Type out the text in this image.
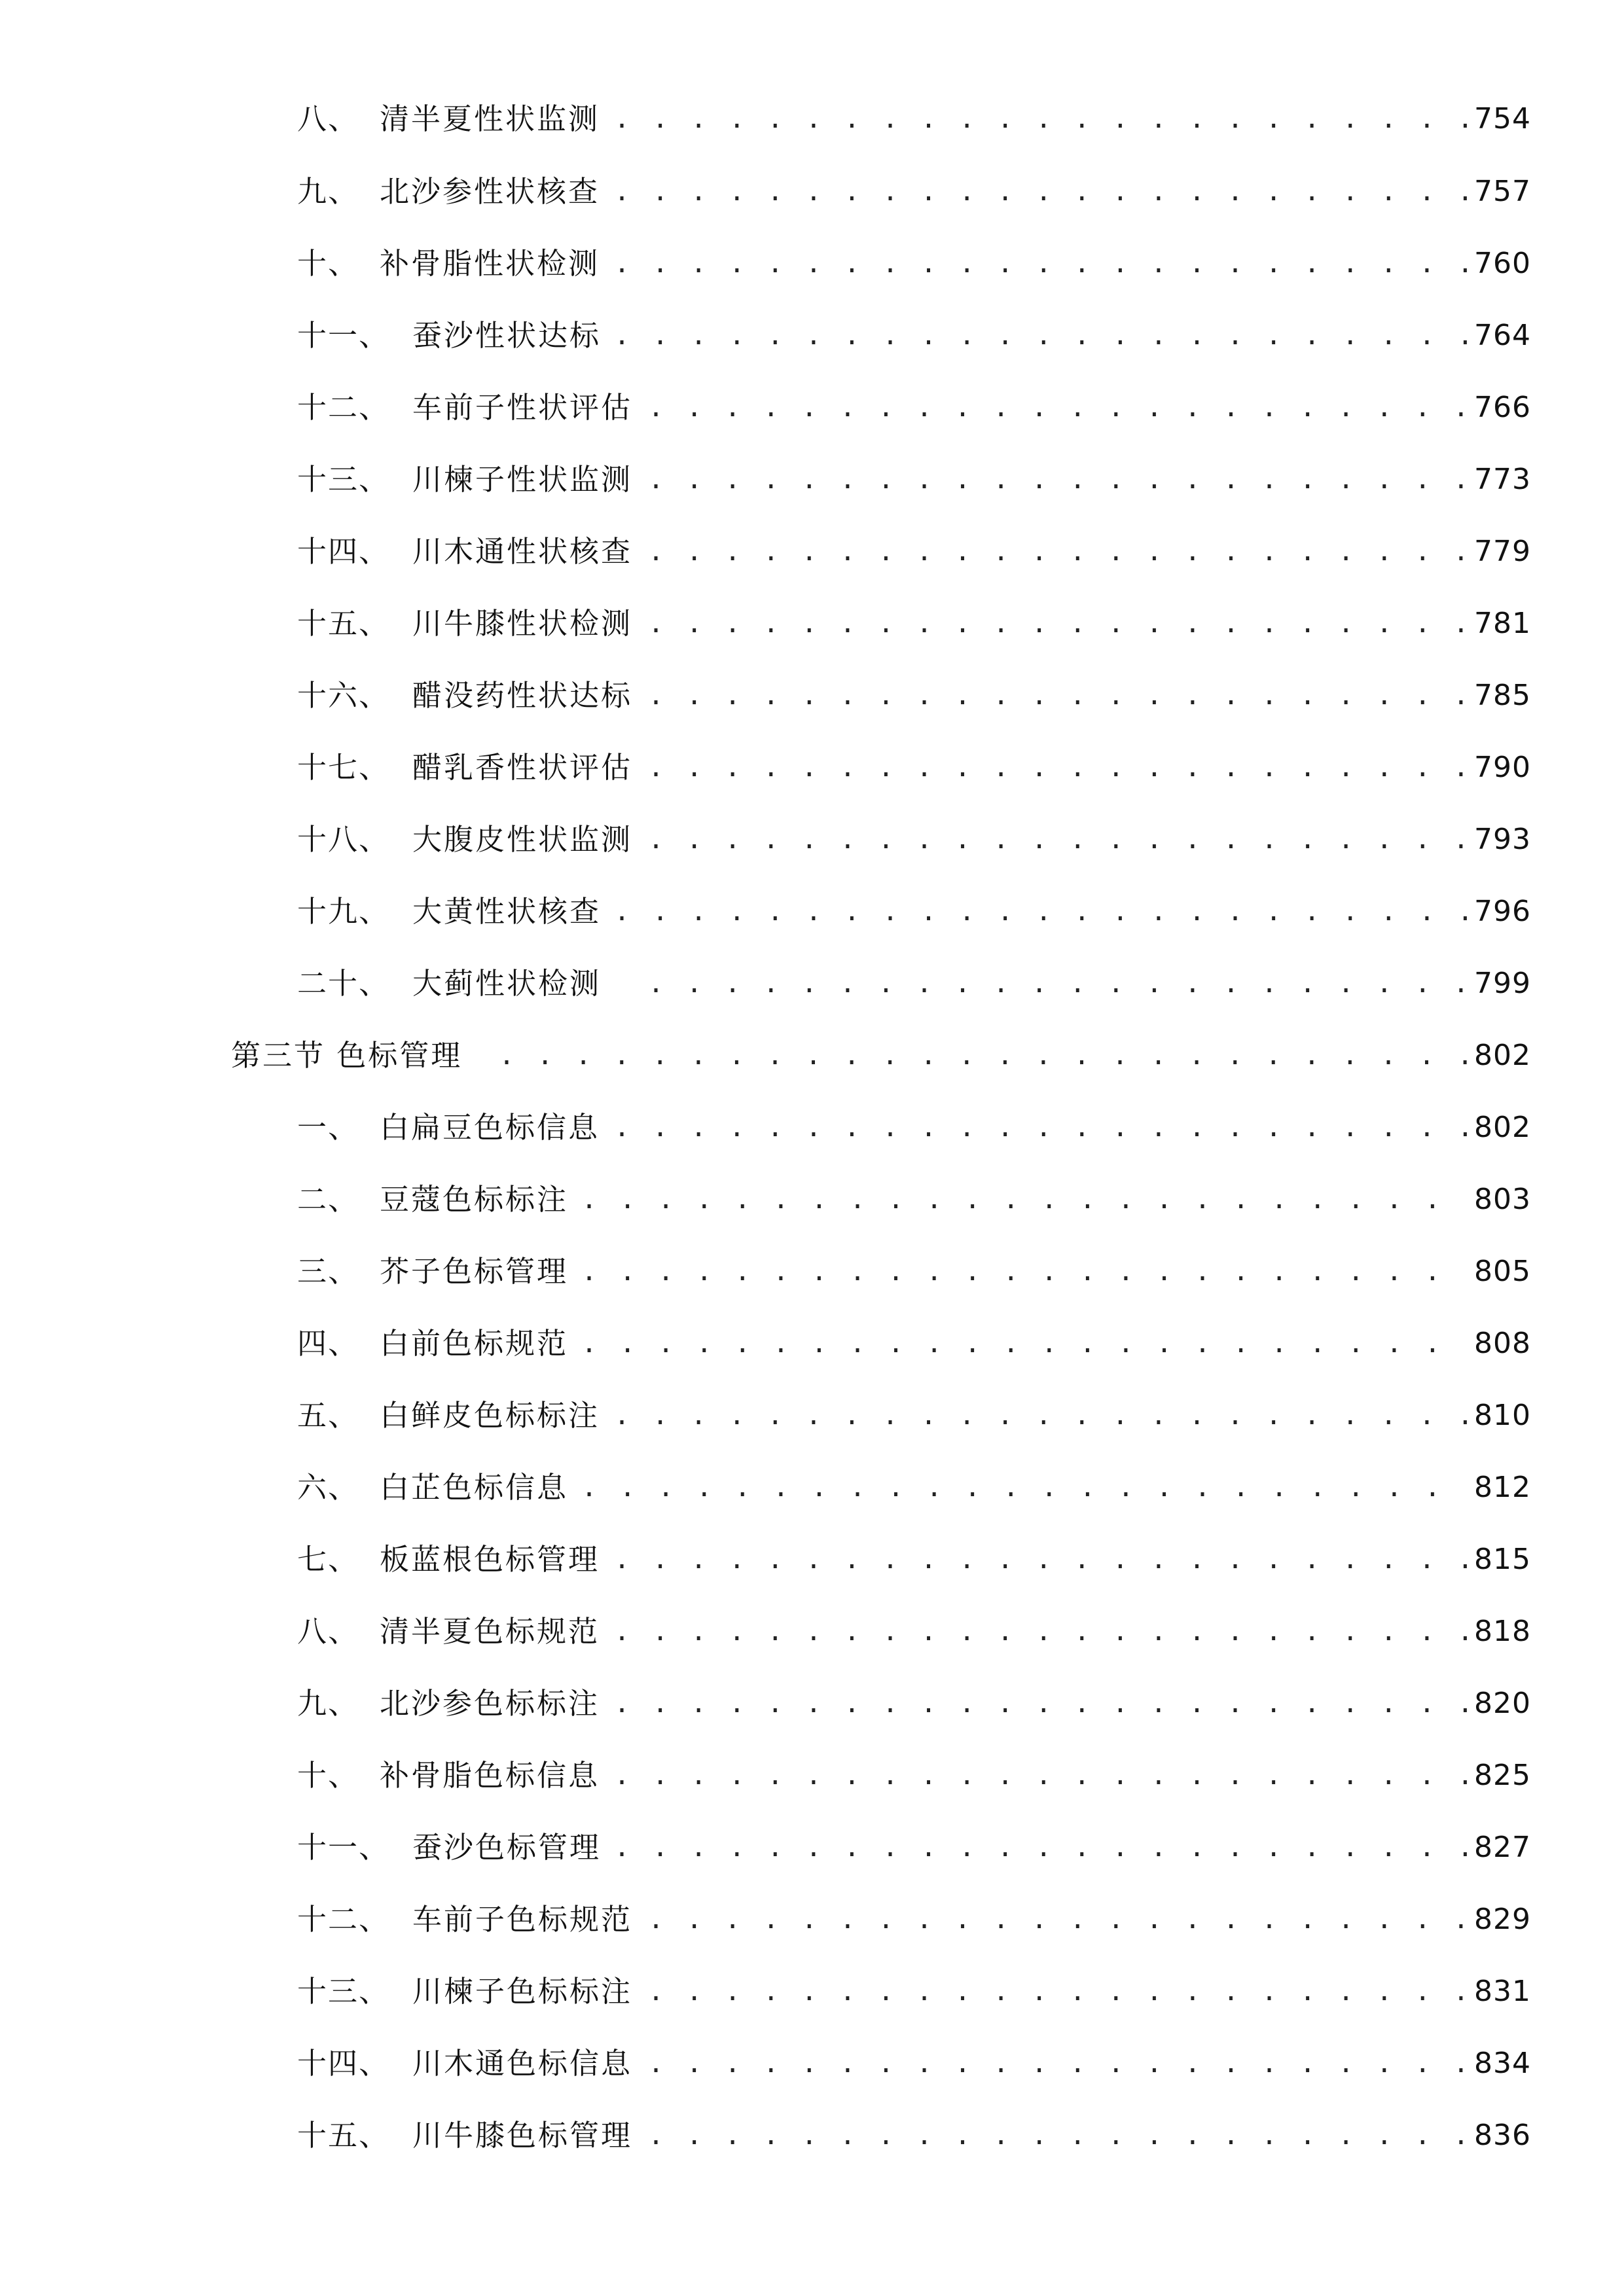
八、 清半夏性状监测 . . .	754
九、 北沙参性状核查 . . .	757
十、 补骨脂性状检测 . . .	760
十一、 蚕沙性状达标 . . .	764
十二、 车前子性状评估 . . .	766
十三、 川楝子性状监测 . . .	773
十四、 川木通性状核查 . . .	779
十五、 川牛膝性状检测 . . .	781
十六、 醋没药性状达标 . . .	785
十七、 醋乳香性状评估 . . .	790
十八、 大腹皮性状监测 . . .	793
十九、 大黄性状核查 . . .	796
二十、 大蓟性状检测 . . .	799
第三节 色标管理 . . .	802
一、 白扁豆色标信息 . . .	802
二、 豆蔻色标标注 . . .	803
三、 芥子色标管理 . . .	805
四、 白前色标规范 . . .	808
五、 白鲜皮色标标注 . . .	810
六、 白芷色标信息 . . .	812
七、 板蓝根色标管理 . . .	815
八、 清半夏色标规范 . . .	818
九、 北沙参色标标注 . . .	820
十、 补骨脂色标信息 . . .	825
十一、 蚕沙色标管理 . . .	827
十二、 车前子色标规范 . . .	829
十三、 川楝子色标标注 . . .	831
十四、 川木通色标信息 . . .	834
十五、 川牛膝色标管理 . . .	836
